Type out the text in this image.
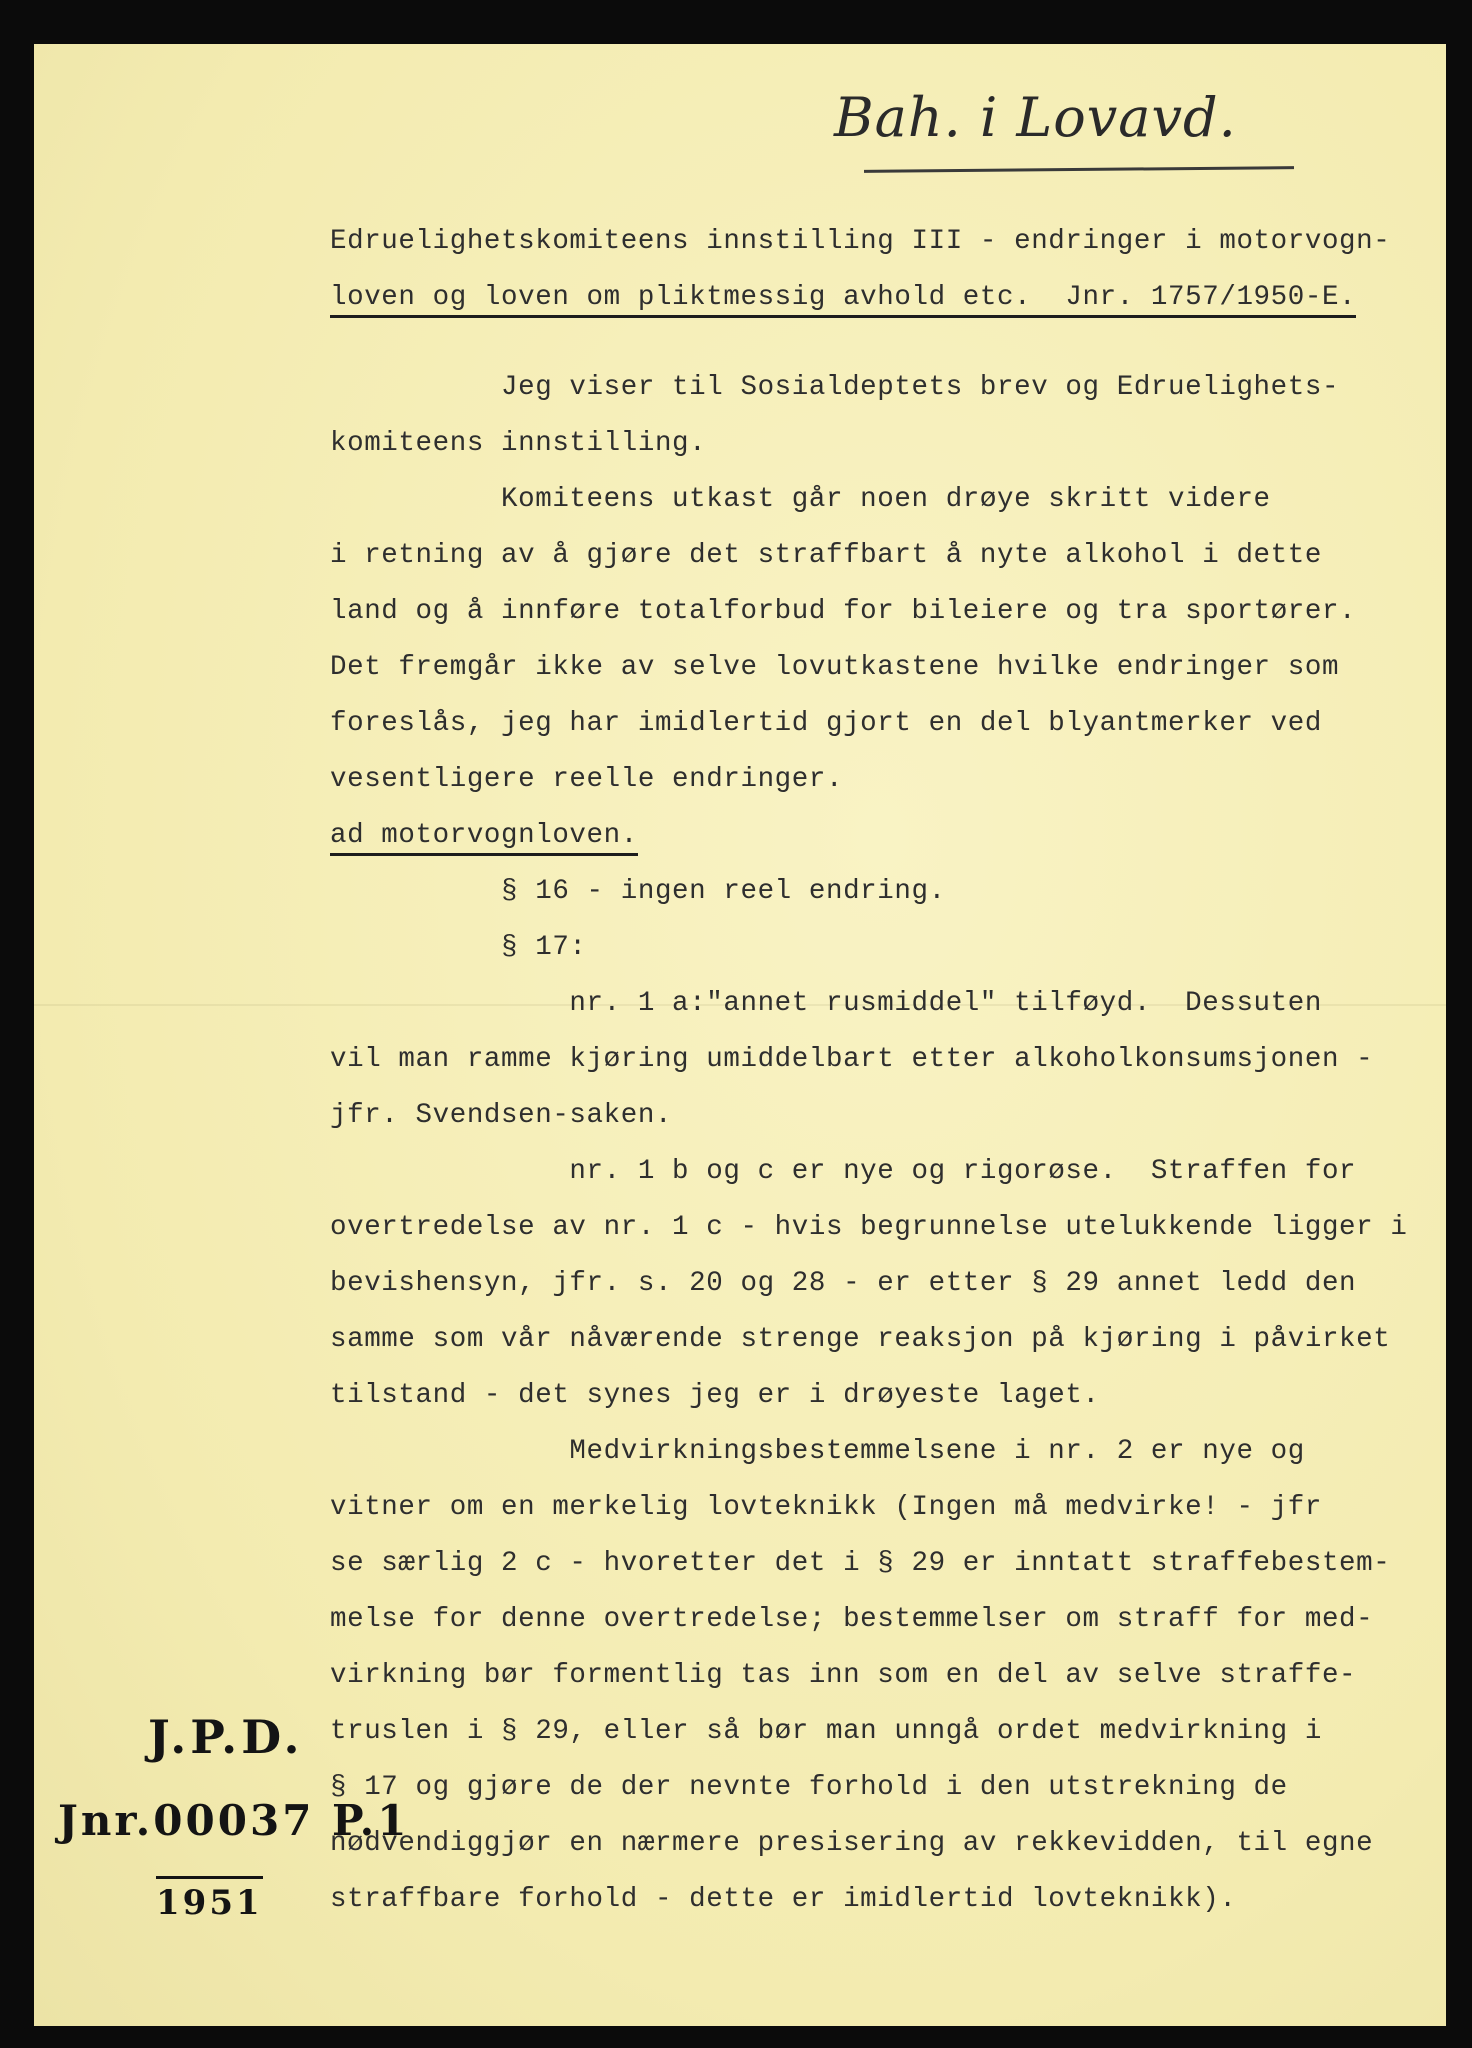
Bah. i Lovavd.
Edruelighetskomiteens innstilling III - endringer i motorvogn-
loven og loven om pliktmessig avhold etc.  Jnr. 1757/1950-E.
Jeg viser til Sosialdeptets brev og Edruelighets-
komiteens innstilling.
Komiteens utkast går noen drøye skritt videre
i retning av å gjøre det straffbart å nyte alkohol i dette
land og å innføre totalforbud for bileiere og tra sportører.
Det fremgår ikke av selve lovutkastene hvilke endringer som
foreslås, jeg har imidlertid gjort en del blyantmerker ved
vesentligere reelle endringer.
ad motorvognloven.
§ 16 - ingen reel endring.
§ 17:
nr. 1 a:"annet rusmiddel" tilføyd.  Dessuten
vil man ramme kjøring umiddelbart etter alkoholkonsumsjonen -
jfr. Svendsen-saken.
nr. 1 b og c er nye og rigorøse.  Straffen for
overtredelse av nr. 1 c - hvis begrunnelse utelukkende ligger i
bevishensyn, jfr. s. 20 og 28 - er etter § 29 annet ledd den
samme som vår nåværende strenge reaksjon på kjøring i påvirket
tilstand - det synes jeg er i drøyeste laget.
Medvirkningsbestemmelsene i nr. 2 er nye og
vitner om en merkelig lovteknikk (Ingen må medvirke! - jfr
se særlig 2 c - hvoretter det i § 29 er inntatt straffebestem-
melse for denne overtredelse; bestemmelser om straff for med-
virkning bør formentlig tas inn som en del av selve straffe-
truslen i § 29, eller så bør man unngå ordet medvirkning i
§ 17 og gjøre de der nevnte forhold i den utstrekning de
nødvendiggjør en nærmere presisering av rekkevidden, til egne
straffbare forhold - dette er imidlertid lovteknikk).
J.P.D.
Jnr.00037 P.1
1951
